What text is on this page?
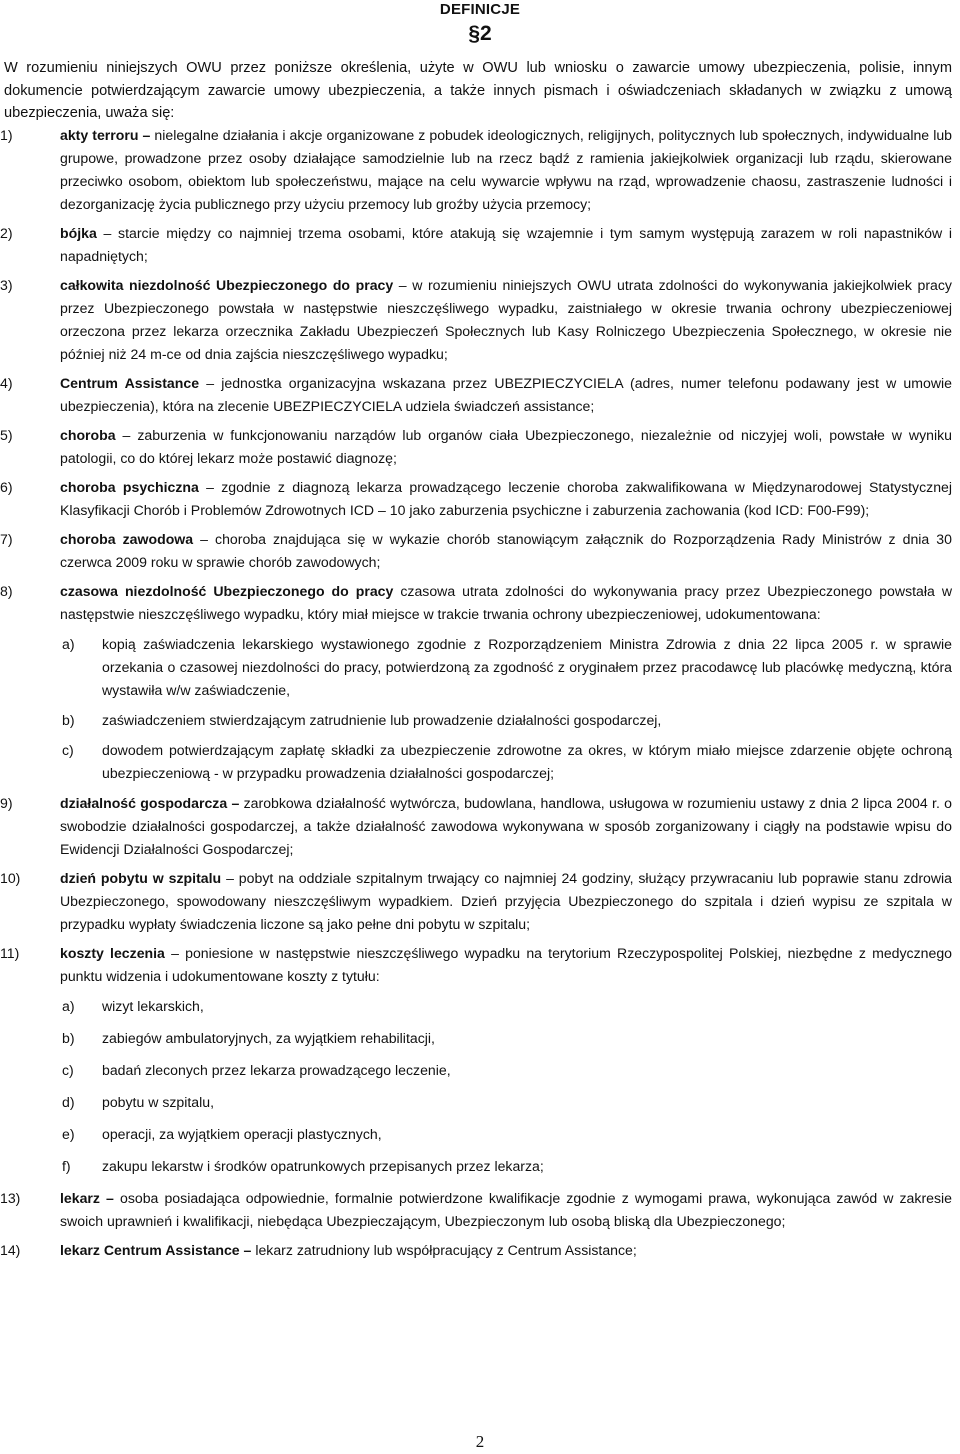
DEFINICJE
§2

W rozumieniu niniejszych OWU przez poniższe określenia, użyte w OWU lub wniosku o zawarcie umowy ubezpieczenia, polisie, innym dokumencie potwierdzającym zawarcie umowy ubezpieczenia, a także innych pismach i oświadczeniach składanych w związku z umową ubezpieczenia, uważa się:

1)	akty terroru – nielegalne działania i akcje organizowane z pobudek ideologicznych, religijnych, politycznych lub społecznych, indywidualne lub grupowe, prowadzone przez osoby działające samodzielnie lub na rzecz bądź z ramienia jakiejkolwiek organizacji lub rządu, skierowane przeciwko osobom, obiektom lub społeczeństwu, mające na celu wywarcie wpływu na rząd, wprowadzenie chaosu, zastraszenie ludności i dezorganizację życia publicznego przy użyciu przemocy lub groźby użycia przemocy;
2)	bójka – starcie między co najmniej trzema osobami, które atakują się wzajemnie i tym samym występują zarazem w roli napastników i napadniętych;
3)	całkowita niezdolność Ubezpieczonego do pracy – w rozumieniu niniejszych OWU utrata zdolności do wykonywania jakiejkolwiek pracy przez Ubezpieczonego powstała w następstwie nieszczęśliwego wypadku, zaistniałego w okresie trwania ochrony ubezpieczeniowej orzeczona przez lekarza orzecznika Zakładu Ubezpieczeń Społecznych lub Kasy Rolniczego Ubezpieczenia Społecznego, w okresie nie później niż 24 m-ce od dnia zajścia nieszczęśliwego wypadku;
4)	Centrum Assistance – jednostka organizacyjna wskazana przez UBEZPIECZYCIELA (adres, numer telefonu podawany jest w umowie ubezpieczenia), która na zlecenie UBEZPIECZYCIELA udziela świadczeń assistance;
5)	choroba – zaburzenia w funkcjonowaniu narządów lub organów ciała Ubezpieczonego, niezależnie od niczyjej woli, powstałe w wyniku patologii, co do której lekarz może postawić diagnozę;
6)	choroba psychiczna – zgodnie z diagnozą lekarza prowadzącego leczenie choroba zakwalifikowana w Międzynarodowej Statystycznej Klasyfikacji Chorób i Problemów Zdrowotnych ICD – 10 jako zaburzenia psychiczne i zaburzenia zachowania (kod ICD: F00-F99);
7)	choroba zawodowa – choroba znajdująca się w wykazie chorób stanowiącym załącznik do Rozporządzenia Rady Ministrów z dnia 30 czerwca 2009 roku w sprawie chorób zawodowych;
8)	czasowa niezdolność Ubezpieczonego do pracy czasowa utrata zdolności do wykonywania pracy przez Ubezpieczonego powstała w następstwie nieszczęśliwego wypadku, który miał miejsce w trakcie trwania ochrony ubezpieczeniowej, udokumentowana:
a) kopią zaświadczenia lekarskiego wystawionego zgodnie z Rozporządzeniem Ministra Zdrowia z dnia 22 lipca 2005 r. w sprawie orzekania o czasowej niezdolności do pracy, potwierdzoną za zgodność z oryginałem przez pracodawcę lub placówkę medyczną, która wystawiła w/w zaświadczenie,
b) zaświadczeniem stwierdzającym zatrudnienie lub prowadzenie działalności gospodarczej,
c) dowodem potwierdzającym zapłatę składki za ubezpieczenie zdrowotne za okres, w którym miało miejsce zdarzenie objęte ochroną ubezpieczeniową - w przypadku prowadzenia działalności gospodarczej;
9)	działalność gospodarcza – zarobkowa działalność wytwórcza, budowlana, handlowa, usługowa w rozumieniu ustawy z dnia 2 lipca 2004 r. o swobodzie działalności gospodarczej, a także działalność zawodowa wykonywana w sposób zorganizowany i ciągły na podstawie wpisu do Ewidencji Działalności Gospodarczej;
10)	dzień pobytu w szpitalu – pobyt na oddziale szpitalnym trwający co najmniej 24 godziny, służący przywracaniu lub poprawie stanu zdrowia Ubezpieczonego, spowodowany nieszczęśliwym wypadkiem. Dzień przyjęcia Ubezpieczonego do szpitala i dzień wypisu ze szpitala w przypadku wypłaty świadczenia liczone są jako pełne dni pobytu w szpitalu;
11)	koszty leczenia – poniesione w następstwie nieszczęśliwego wypadku na terytorium Rzeczypospolitej Polskiej, niezbędne z medycznego punktu widzenia i udokumentowane koszty z tytułu:
a) wizyt lekarskich,
b) zabiegów ambulatoryjnych, za wyjątkiem rehabilitacji,
c) badań zleconych przez lekarza prowadzącego leczenie,
d) pobytu w szpitalu,
e) operacji, za wyjątkiem operacji plastycznych,
f) zakupu lekarstw i środków opatrunkowych przepisanych przez lekarza;
13)	lekarz – osoba posiadająca odpowiednie, formalnie potwierdzone kwalifikacje zgodnie z wymogami prawa, wykonująca zawód w zakresie swoich uprawnień i kwalifikacji, niebędąca Ubezpieczającym, Ubezpieczonym lub osobą bliską dla Ubezpieczonego;
14)	lekarz Centrum Assistance – lekarz zatrudniony lub współpracujący z Centrum Assistance;
2
